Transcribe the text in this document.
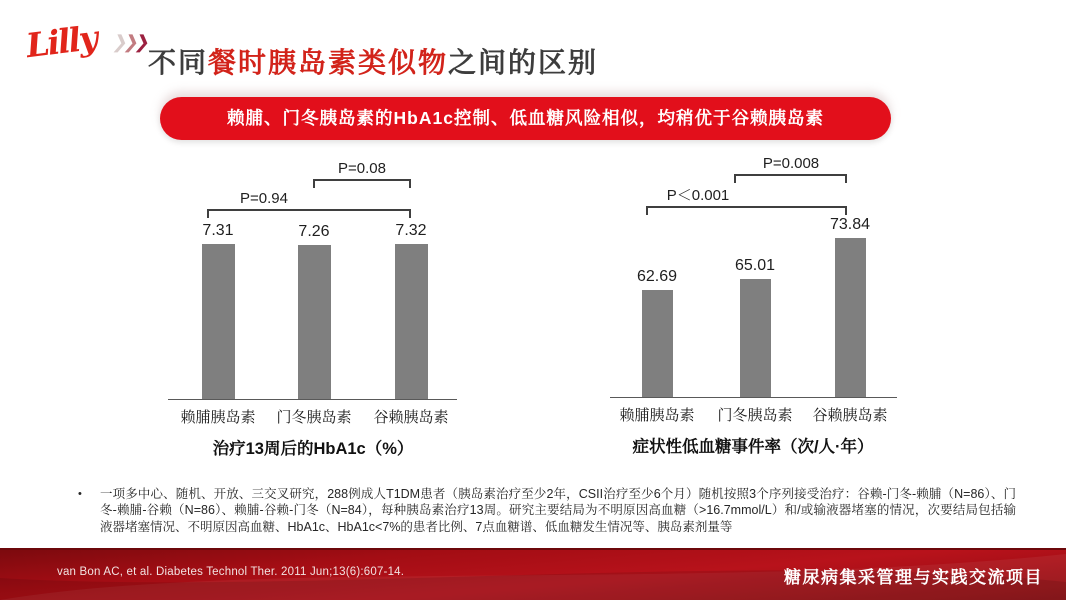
Lilly ❯❯❯
不同餐时胰岛素类似物之间的区别
赖脯、门冬胰岛素的HbA1c控制、低血糖风险相似，均稍优于谷赖胰岛素
7.31
赖脯胰岛素
7.26
门冬胰岛素
7.32
谷赖胰岛素
P=0.94
P=0.08
62.69
赖脯胰岛素
65.01
门冬胰岛素
73.84
谷赖胰岛素
P＜0.001
P=0.008
治疗13周后的HbA1c（%）	症状性低血糖事件率（次/人·年）
• 一项多中心、随机、开放、三交叉研究，288例成人T1DM患者（胰岛素治疗至少2年，CSII治疗至少6个月）随机按照3个序列接受治疗：谷赖-门冬-赖脯（N=86）、门冬-赖脯-谷赖（N=86）、赖脯-谷赖-门冬（N=84），每种胰岛素治疗13周。研究主要结局为不明原因高血糖（>16.7mmol/L）和/或输液器堵塞的情况，次要结局包括输液器堵塞情况、不明原因高血糖、HbA1c、HbA1c<7%的患者比例、7点血糖谱、低血糖发生情况等、胰岛素剂量等
van Bon AC, et al. Diabetes Technol Ther. 2011 Jun;13(6):607-14.	糖尿病集采管理与实践交流项目
